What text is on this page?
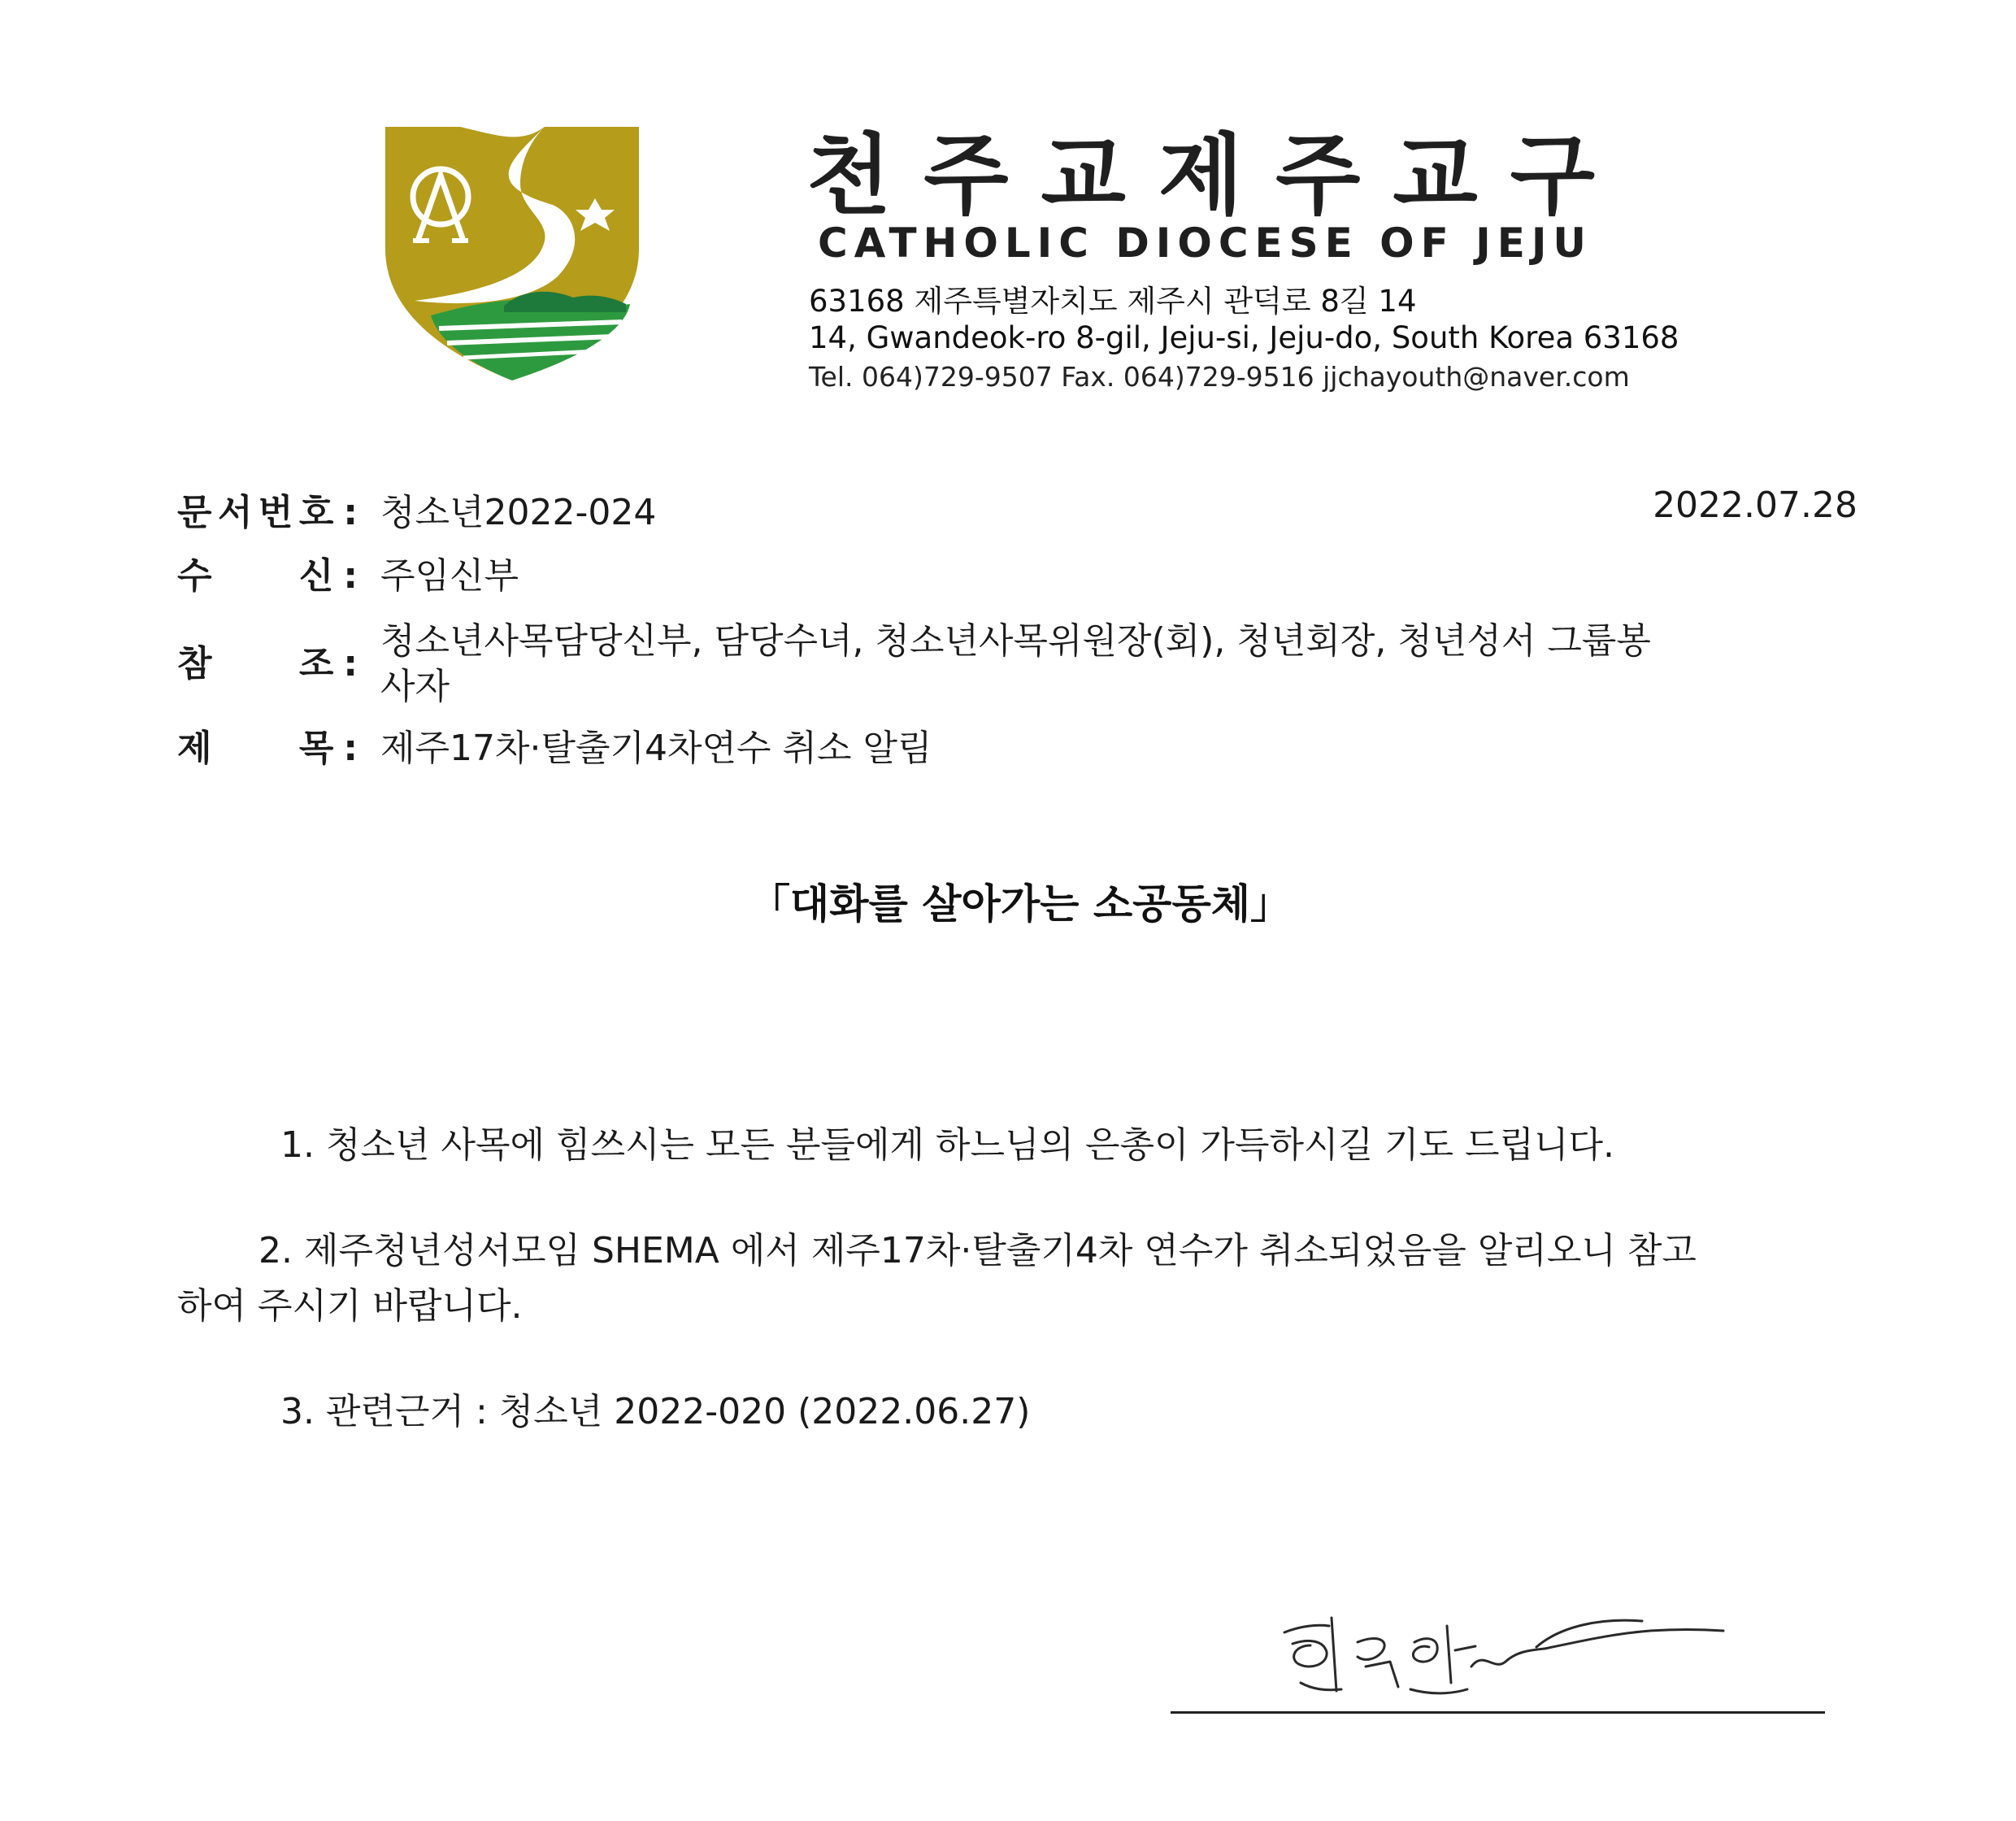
천주교제주교구
CATHOLIC DIOCESE OF JEJU
63168 제주특별자치도 제주시 관덕로 8길 14
14, Gwandeok-ro 8-gil, Jeju-si, Jeju-do, South Korea 63168
Tel. 064)729-9507 Fax. 064)729-9516 jjchayouth@naver.com
문 서 번 호 : 청소년2022-024	2022.07.28
수 신 : 주임신부
참 조 :
청소년사목담당신부, 담당수녀, 청소년사목위원장(회), 청년회장, 청년성서 그룹봉
사자
제 목 : 제주17차·탈출기4차연수 취소 알림
「대화를 살아가는 소공동체」
1. 청소년 사목에 힘쓰시는 모든 분들에게 하느님의 은총이 가득하시길 기도 드립니다.
2. 제주청년성서모임 SHEMA 에서 제주17차·탈출기4차 연수가 취소되었음을 알리오니 참고
하여 주시기 바랍니다.
3. 관련근거 : 청소년 2022-020 (2022.06.27)
